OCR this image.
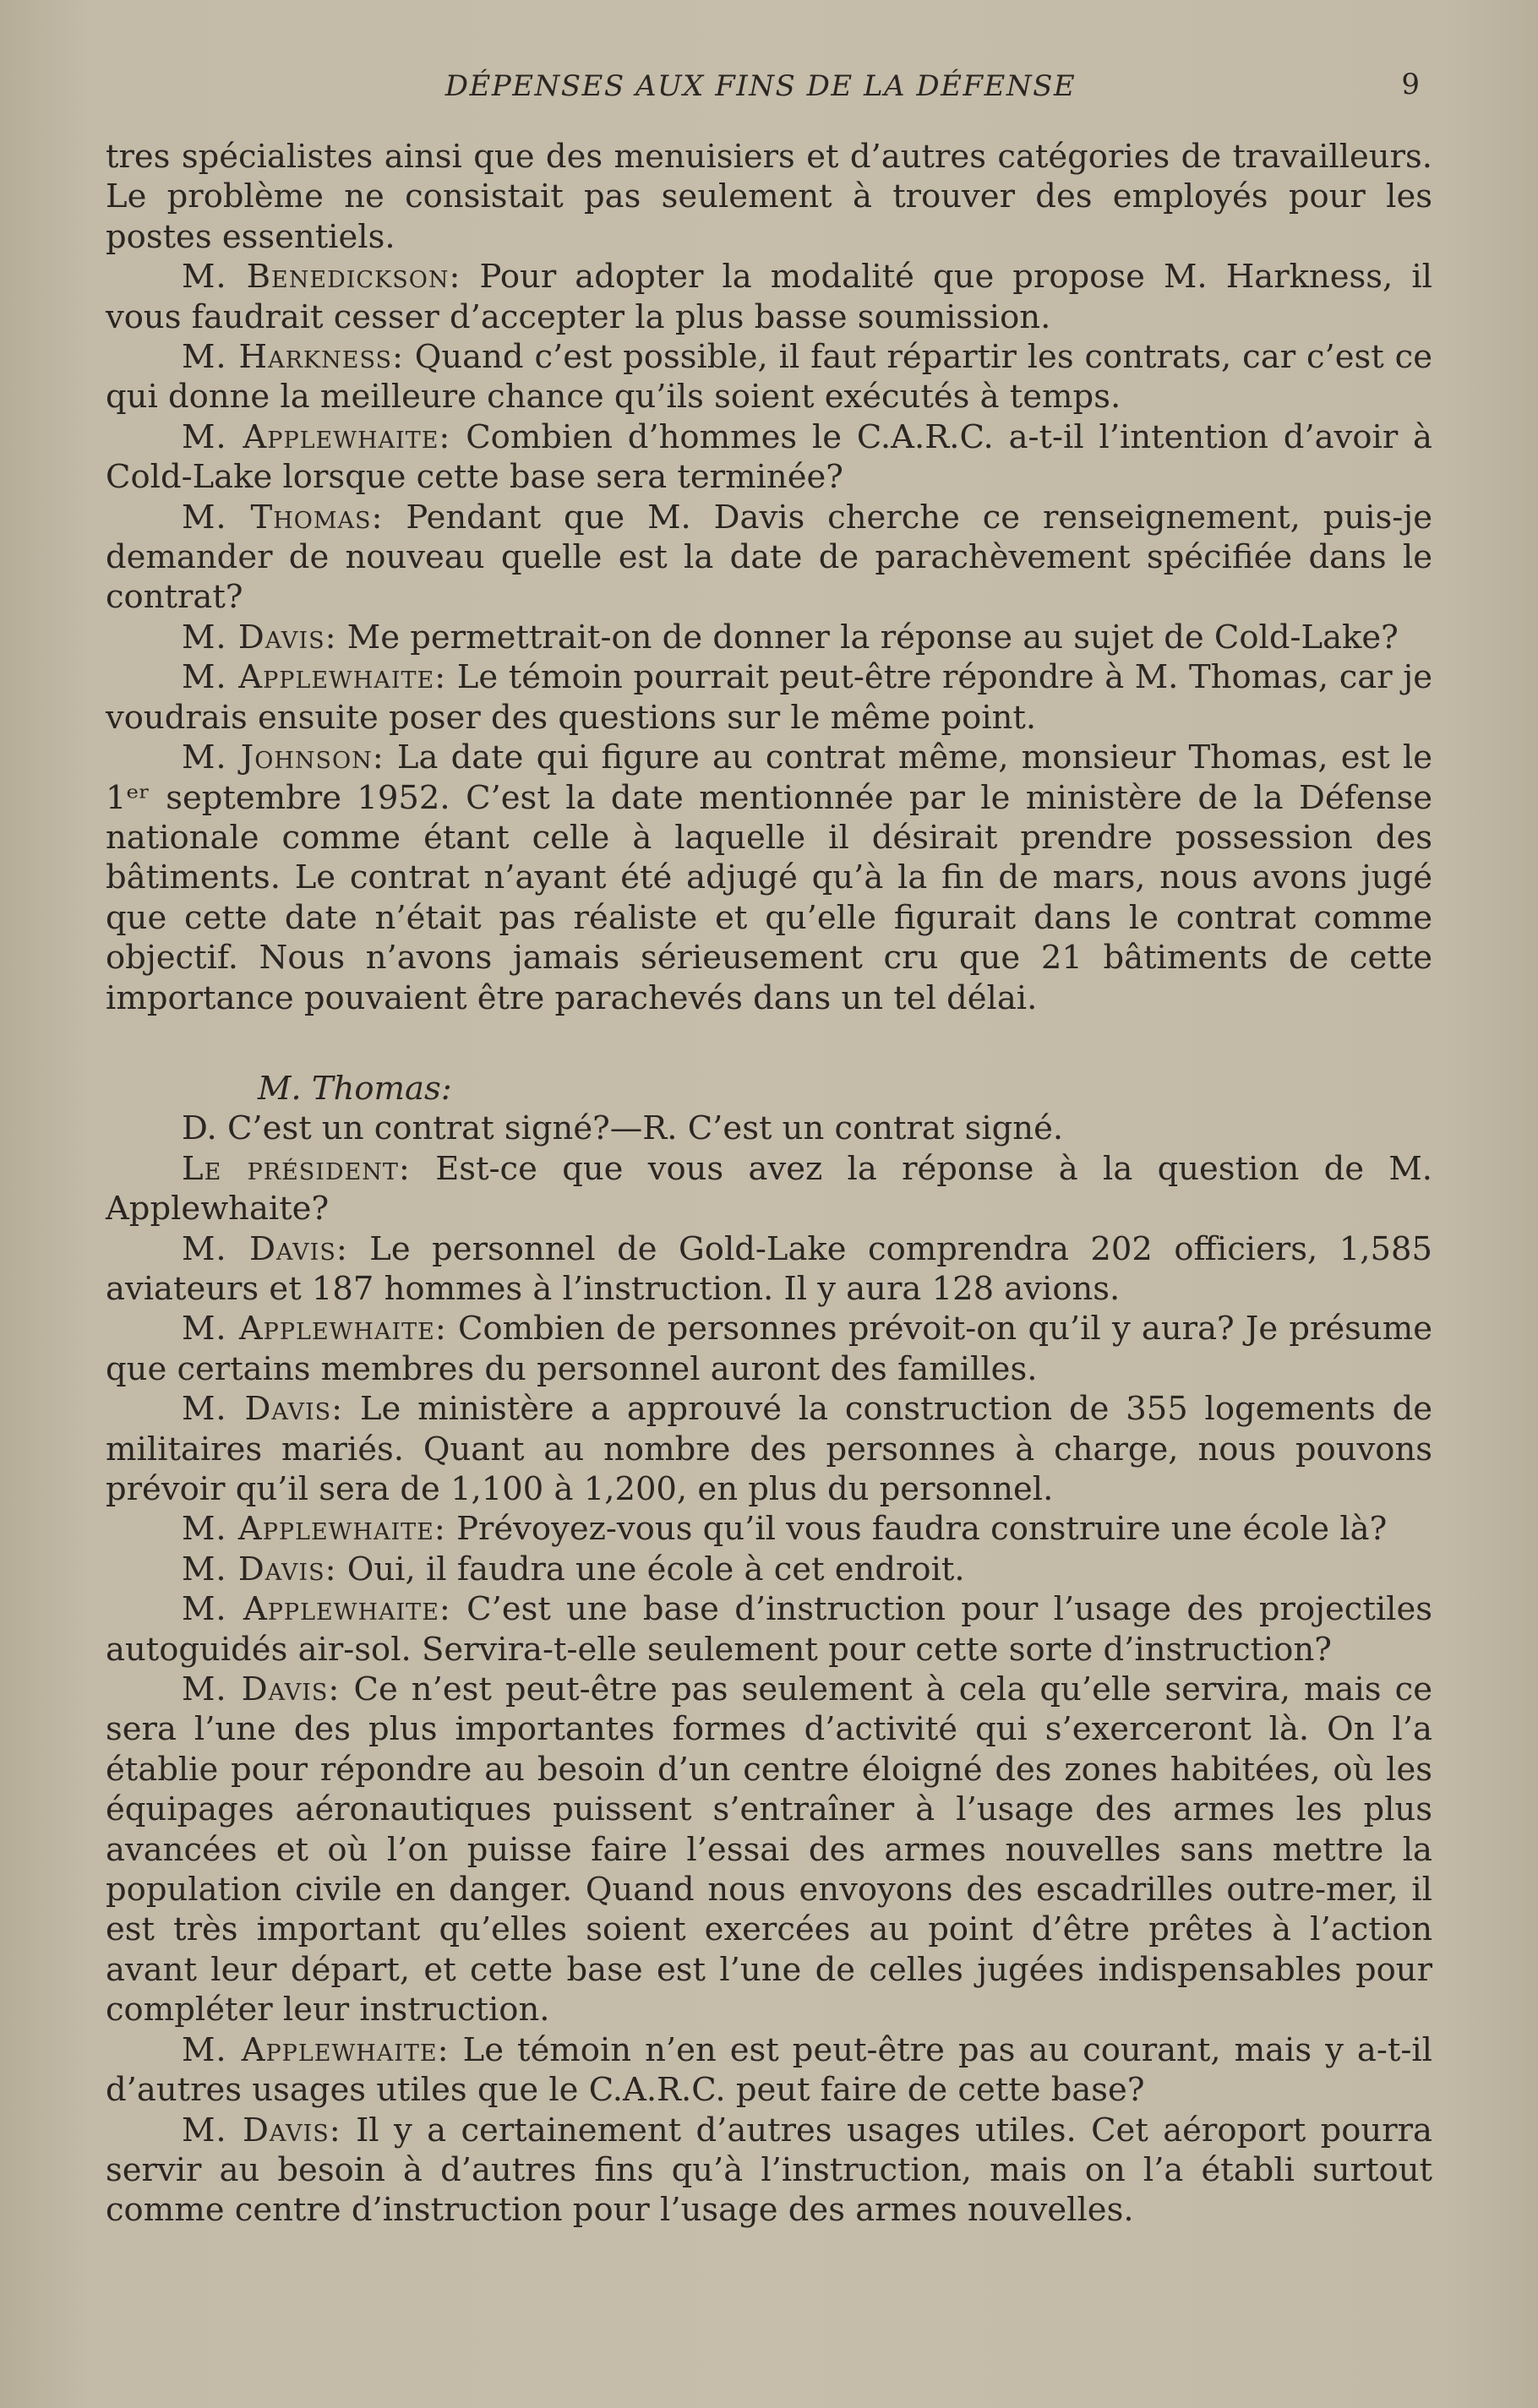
DÉPENSES AUX FINS DE LA DÉFENSE	9

tres spécialistes ainsi que des menuisiers et d’autres catégories de travailleurs. Le problème ne consistait pas seulement à trouver des employés pour les postes essentiels.

M. Benedickson: Pour adopter la modalité que propose M. Harkness, il vous faudrait cesser d’accepter la plus basse soumission.

M. Harkness: Quand c’est possible, il faut répartir les contrats, car c’est ce qui donne la meilleure chance qu’ils soient exécutés à temps.

M. Applewhaite: Combien d’hommes le C.A.R.C. a-t-il l’intention d’avoir à Cold-Lake lorsque cette base sera terminée?

M. Thomas: Pendant que M. Davis cherche ce renseignement, puis-je demander de nouveau quelle est la date de parachèvement spécifiée dans le contrat?

M. Davis: Me permettrait-on de donner la réponse au sujet de Cold-Lake?

M. Applewhaite: Le témoin pourrait peut-être répondre à M. Thomas, car je voudrais ensuite poser des questions sur le même point.

M. Johnson: La date qui figure au contrat même, monsieur Thomas, est le 1ᵉʳ septembre 1952. C’est la date mentionnée par le ministère de la Défense nationale comme étant celle à laquelle il désirait prendre possession des bâtiments. Le contrat n’ayant été adjugé qu’à la fin de mars, nous avons jugé que cette date n’était pas réaliste et qu’elle figurait dans le contrat comme objectif. Nous n’avons jamais sérieusement cru que 21 bâtiments de cette importance pouvaient être parachevés dans un tel délai.

M. Thomas:

D. C’est un contrat signé?—R. C’est un contrat signé.

Le président: Est-ce que vous avez la réponse à la question de M. Applewhaite?

M. Davis: Le personnel de Gold-Lake comprendra 202 officiers, 1,585 aviateurs et 187 hommes à l’instruction. Il y aura 128 avions.

M. Applewhaite: Combien de personnes prévoit-on qu’il y aura? Je présume que certains membres du personnel auront des familles.

M. Davis: Le ministère a approuvé la construction de 355 logements de militaires mariés. Quant au nombre des personnes à charge, nous pouvons prévoir qu’il sera de 1,100 à 1,200, en plus du personnel.

M. Applewhaite: Prévoyez-vous qu’il vous faudra construire une école là?

M. Davis: Oui, il faudra une école à cet endroit.

M. Applewhaite: C’est une base d’instruction pour l’usage des projectiles autoguidés air-sol. Servira-t-elle seulement pour cette sorte d’instruction?

M. Davis: Ce n’est peut-être pas seulement à cela qu’elle servira, mais ce sera l’une des plus importantes formes d’activité qui s’exerceront là. On l’a établie pour répondre au besoin d’un centre éloigné des zones habitées, où les équipages aéronautiques puissent s’entraîner à l’usage des armes les plus avancées et où l’on puisse faire l’essai des armes nouvelles sans mettre la population civile en danger. Quand nous envoyons des escadrilles outre-mer, il est très important qu’elles soient exercées au point d’être prêtes à l’action avant leur départ, et cette base est l’une de celles jugées indispensables pour compléter leur instruction.

M. Applewhaite: Le témoin n’en est peut-être pas au courant, mais y a-t-il d’autres usages utiles que le C.A.R.C. peut faire de cette base?

M. Davis: Il y a certainement d’autres usages utiles. Cet aéroport pourra servir au besoin à d’autres fins qu’à l’instruction, mais on l’a établi surtout comme centre d’instruction pour l’usage des armes nouvelles.
